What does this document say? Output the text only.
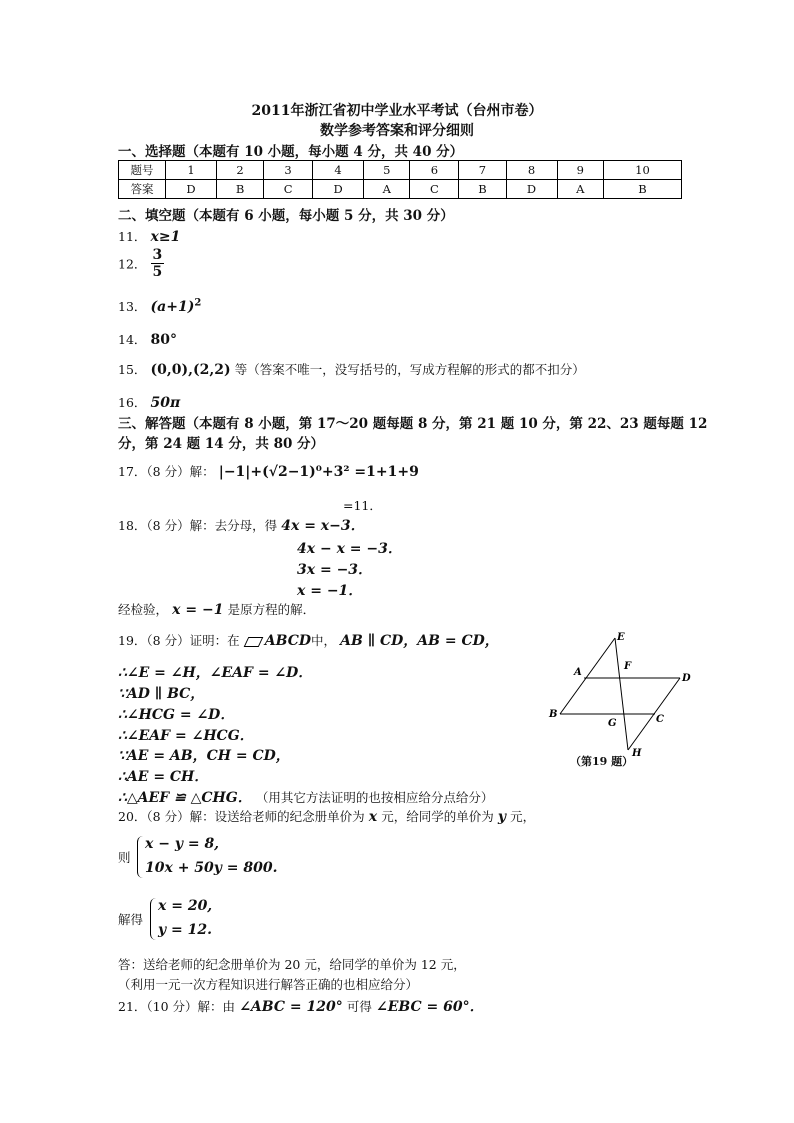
2011年浙江省初中学业水平考试（台州市卷）
数学参考答案和评分细则
一、选择题（本题有 10 小题，每小题 4 分，共 40 分）
题号	1	2	3	4	5	6	7	8	9	10
答案	D	B	C	D	A	C	B	D	A	B
二、填空题（本题有 6 小题，每小题 5 分，共 30 分）
11． x≥1
12． $\frac{3}{5}$
13． $(a+1)^2$
14． 80°
15． (0,0),(2,2) 等（答案不唯一，没写括号的，写成方程解的形式的都不扣分）
16． 50π
三、解答题（本题有 8 小题，第 17～20 题每题 8 分，第 21 题 10 分，第 22、23 题每题 12
分，第 24 题 14 分，共 80 分）
17．（8 分）解： |−1|+(√2−1)⁰+3² =1+1+9
=11．
18．（8 分）解：去分母，得 4x = x−3．
4x − x = −3．
3x = −3．
x = −1．
经检验， x = −1 是原方程的解．
19．（8 分）证明：在 ABCD中， AB ∥ CD，AB = CD，
∴∠E = ∠H，∠EAF = ∠D．
∵AD ∥ BC，
∴∠HCG = ∠D．
∴∠EAF = ∠HCG．
∵AE = AB，CH = CD，
∴AE = CH．
∴△AEF ≌ △CHG． （用其它方法证明的也按相应给分点给分）
E
F
A
D
B
G	C
H
（第19 题）
20．（8 分）解：设送给老师的纪念册单价为 x 元，给同学的单价为 y 元，
则
x − y = 8,
10x + 50y = 800.
解得
x = 20,
y = 12.
答：送给老师的纪念册单价为 20 元，给同学的单价为 12 元，
（利用一元一次方程知识进行解答正确的也相应给分）
21．（10 分）解：由 ∠ABC = 120° 可得 ∠EBC = 60°．
